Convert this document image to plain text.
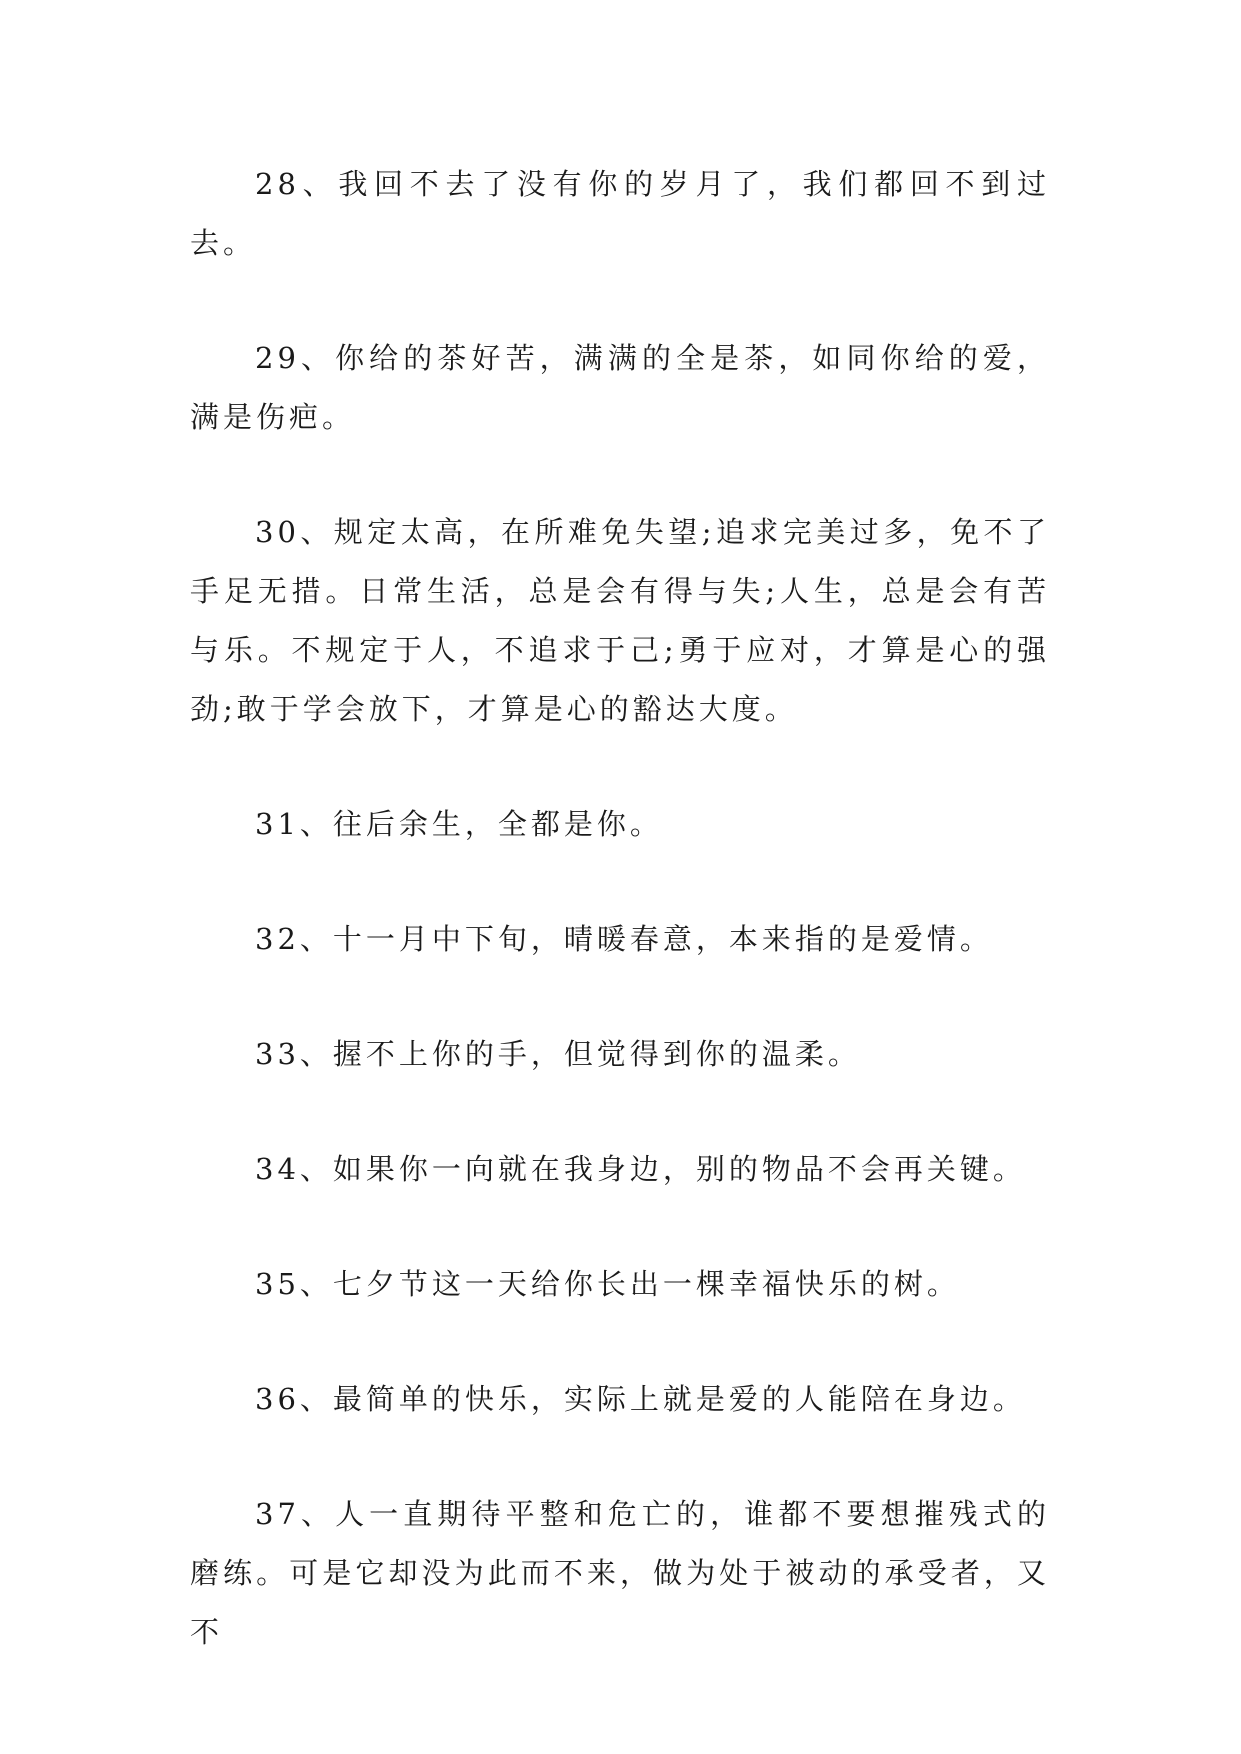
28、我回不去了没有你的岁月了，我们都回不到过去。

29、你给的茶好苦，满满的全是茶，如同你给的爱，满是伤疤。

30、规定太高，在所难免失望;追求完美过多，免不了手足无措。日常生活，总是会有得与失;人生，总是会有苦与乐。不规定于人，不追求于己;勇于应对，才算是心的强劲;敢于学会放下，才算是心的豁达大度。

31、往后余生，全都是你。

32、十一月中下旬，晴暖春意，本来指的是爱情。

33、握不上你的手，但觉得到你的温柔。

34、如果你一向就在我身边，别的物品不会再关键。

35、七夕节这一天给你长出一棵幸福快乐的树。

36、最简单的快乐，实际上就是爱的人能陪在身边。

37、人一直期待平整和危亡的，谁都不要想摧残式的磨练。可是它却没为此而不来，做为处于被动的承受者，又不
